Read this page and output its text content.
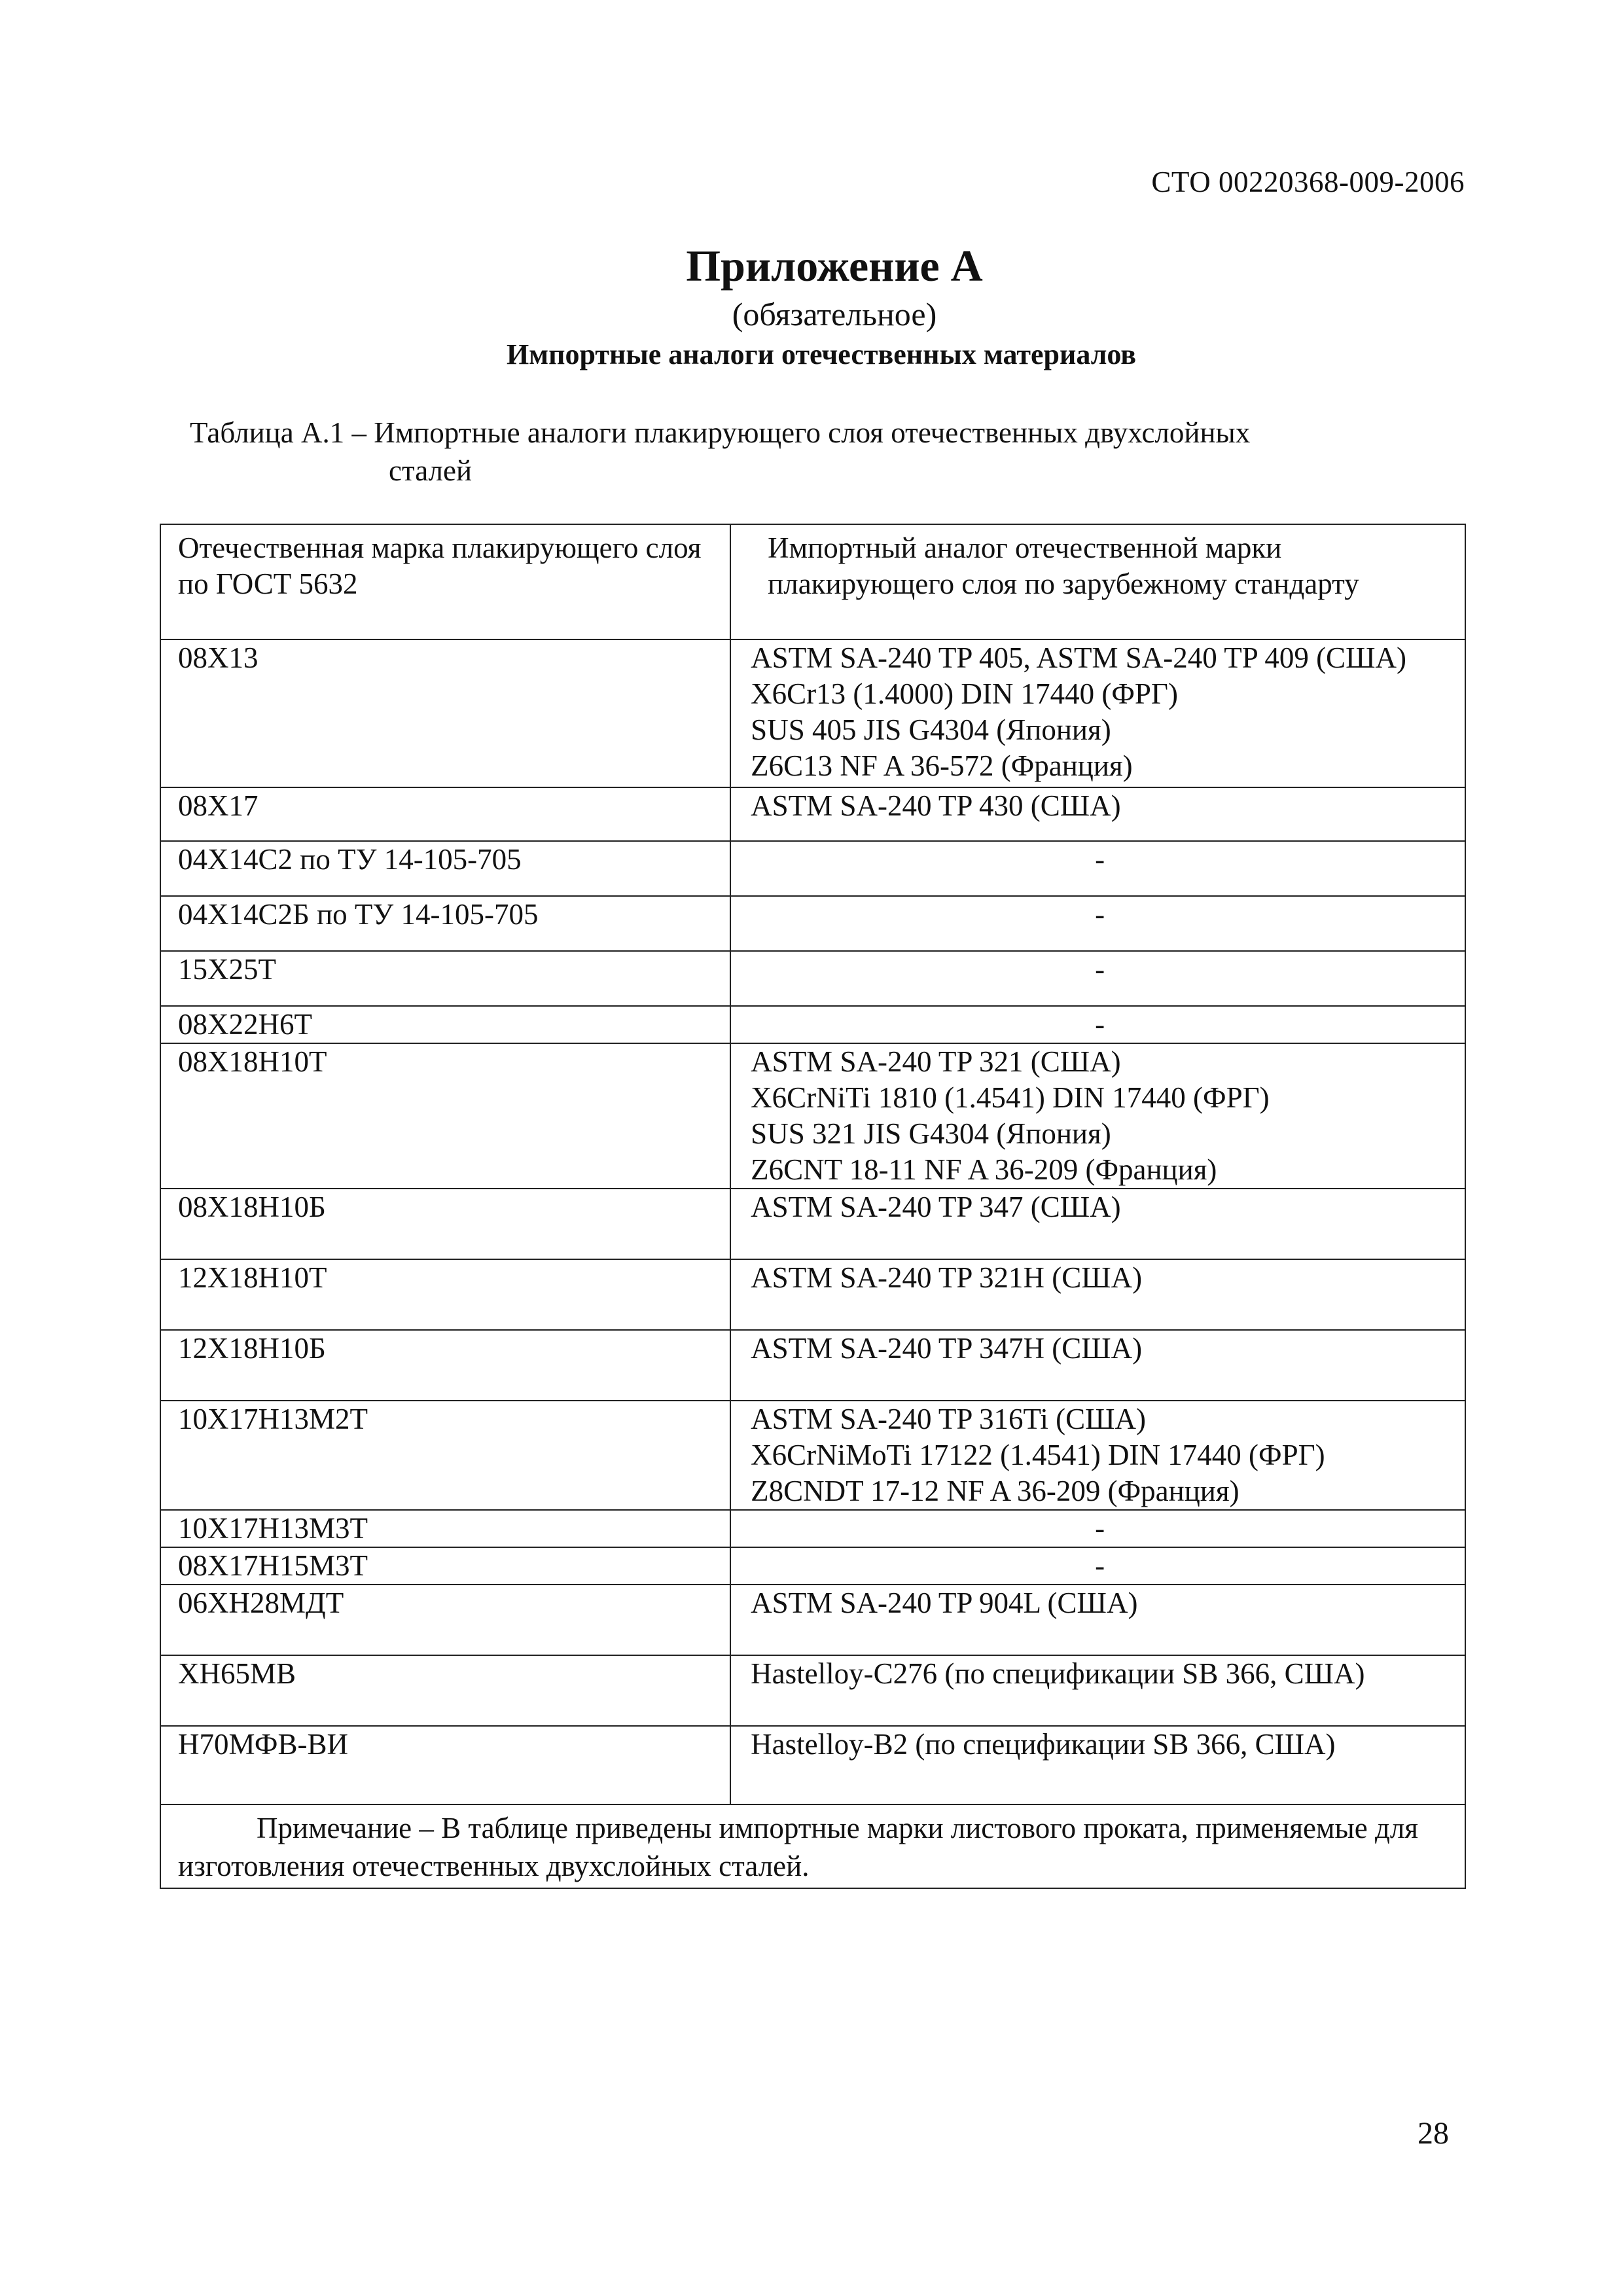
СТО 00220368-009-2006
Приложение А
(обязательное)
Импортные аналоги отечественных материалов
Таблица А.1 – Импортные аналоги плакирующего слоя отечественных двухслойных
сталей
Отечественная марка плакирующего слоя по ГОСТ 5632	Импортный аналог отечественной марки плакирующего слоя по зарубежному стандарту
08Х13	ASTM SA-240 TP 405, ASTM SA-240 TP 409 (США)
X6Cr13 (1.4000) DIN 17440 (ФРГ)
SUS 405 JIS G4304 (Япония)
Z6C13 NF A 36-572 (Франция)

08Х17	ASTM SA-240 TP 430 (США)

04Х14С2 по ТУ 14-105-705	-

04Х14С2Б по ТУ 14-105-705	-

15Х25Т	-

08Х22Н6Т	-

08Х18Н10Т	ASTM SA-240 TP 321 (США)
X6CrNiTi 1810 (1.4541) DIN 17440 (ФРГ)
SUS 321 JIS G4304 (Япония)
Z6CNT 18-11 NF A 36-209 (Франция)

08Х18Н10Б	ASTM SA-240 TP 347 (США)

12Х18Н10Т	ASTM SA-240 TP 321H (США)

12Х18Н10Б	ASTM SA-240 TP 347H (США)

10Х17Н13М2Т	ASTM SA-240 TP 316Ti (США)
X6CrNiMoTi 17122 (1.4541) DIN 17440 (ФРГ)
Z8CNDT 17-12 NF A 36-209 (Франция)

10Х17Н13М3Т	-

08Х17Н15М3Т	-

06ХН28МДТ	ASTM SA-240 TP 904L (США)

ХН65МВ	Hastelloy-C276 (по спецификации SB 366, США)

Н70МФВ-ВИ	Hastelloy-B2 (по спецификации SB 366, США)

Примечание – В таблице приведены импортные марки листового проката, применяемые для изготовления отечественных двухслойных сталей.	
28
